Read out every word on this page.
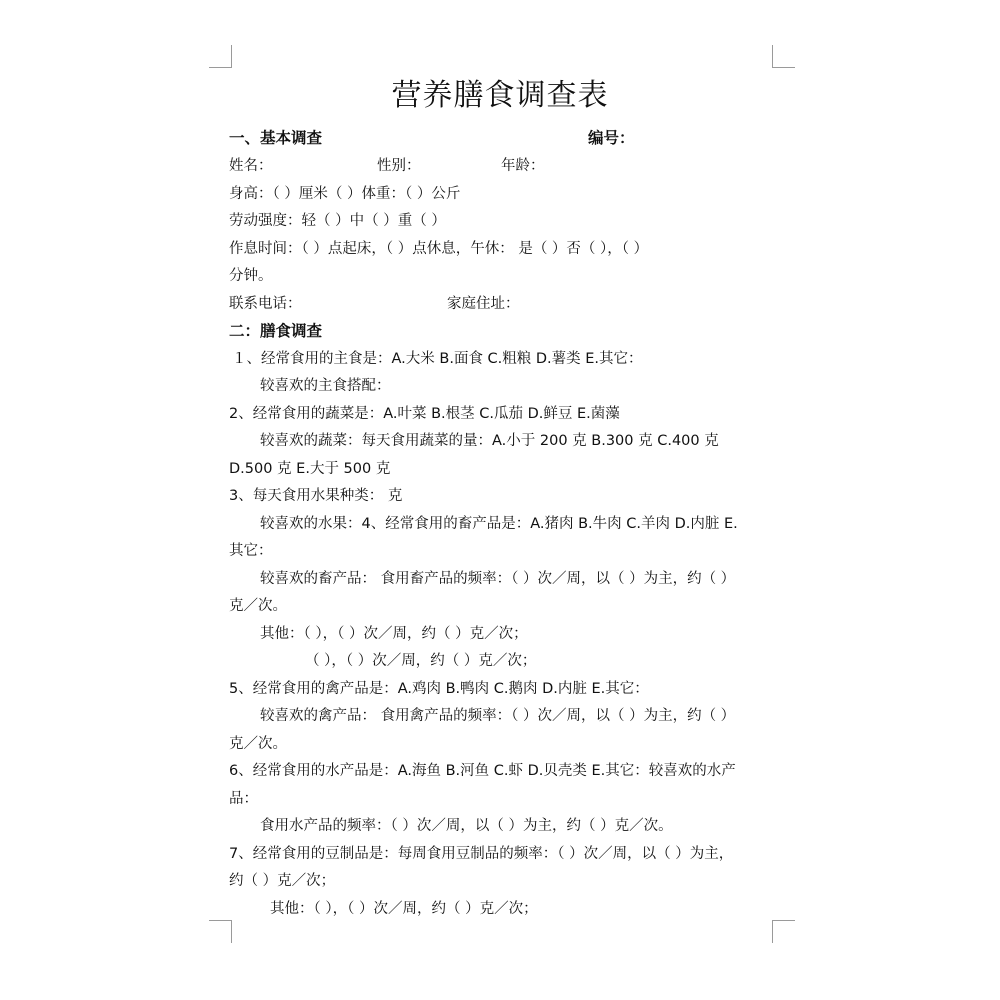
营养膳食调查表
一、基本调查	编号：
姓名：	性别：	年龄：
身高：（ ）厘米（ ）体重：（ ）公斤
劳动强度：轻（ ）中（ ）重（ ）
作息时间：（ ）点起床，（ ）点休息，午休： 是（ ）否（ ），（ ）
分钟。
联系电话：	家庭住址：
二：膳食调查
１、经常食用的主食是：A.大米 B.面食 C.粗粮 D.薯类 E.其它：
较喜欢的主食搭配：
2、经常食用的蔬菜是：A.叶菜 B.根茎 C.瓜茄 D.鲜豆 E.菌藻
较喜欢的蔬菜：每天食用蔬菜的量：A.小于 200 克 B.300 克 C.400 克
D.500 克 E.大于 500 克
3、每天食用水果种类： 克
较喜欢的水果：4、经常食用的畜产品是：A.猪肉 B.牛肉 C.羊肉 D.内脏 E.
其它：
较喜欢的畜产品： 食用畜产品的频率：（ ）次／周，以（ ）为主，约（ ）
克／次。
其他：（ ），（ ）次／周，约（ ）克／次；
（ ），（ ）次／周，约（ ）克／次；
5、经常食用的禽产品是：A.鸡肉 B.鸭肉 C.鹅肉 D.内脏 E.其它：
较喜欢的禽产品： 食用禽产品的频率：（ ）次／周，以（ ）为主，约（ ）
克／次。
6、经常食用的水产品是：A.海鱼 B.河鱼 C.虾 D.贝壳类 E.其它：较喜欢的水产
品：
食用水产品的频率：（ ）次／周，以（ ）为主，约（ ）克／次。
7、经常食用的豆制品是：每周食用豆制品的频率：（ ）次／周，以（ ）为主，
约（ ）克／次；
其他：（ ），（ ）次／周，约（ ）克／次；
